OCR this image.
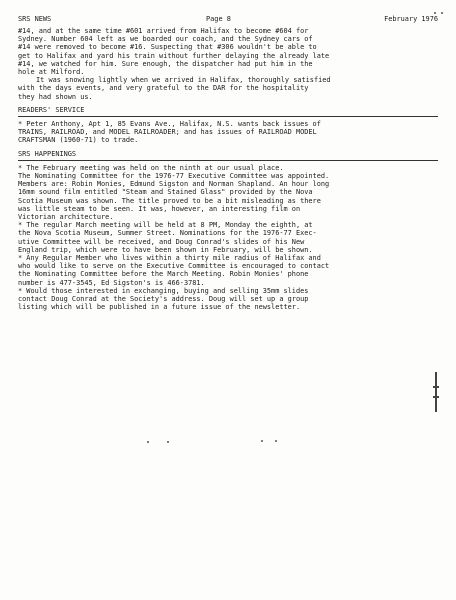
SRS NEWS	Page 8	February 1976

#14, and at the same time #601 arrived from Halifax to become #604 for

Sydney. Number 604 left as we boarded our coach, and the Sydney cars of

#14 were removed to become #16. Suspecting that #306 wouldn't be able to

get to Halifax and yard his train without further delaying the already late

#14, we watched for him. Sure enough, the dispatcher had put him in the

hole at Milford.

It was snowing lightly when we arrived in Halifax, thoroughly satisfied

with the days events, and very grateful to the DAR for the hospitality

they had shown us.

READERS' SERVICE

* Peter Anthony, Apt 1, 85 Evans Ave., Halifax, N.S. wants back issues of

TRAINS, RAILROAD, and MODEL RAILROADER; and has issues of RAILROAD MODEL

CRAFTSMAN (1960-71) to trade.

SRS HAPPENINGS

* The February meeting was held on the ninth at our usual place.

The Nominating Committee for the 1976-77 Executive Committee was appointed.

Members are: Robin Monies, Edmund Sigston and Norman Shapland. An hour long

16mm sound film entitled "Steam and Stained Glass" provided by the Nova

Scotia Museum was shown. The title proved to be a bit misleading as there

was little steam to be seen. It was, however, an interesting film on

Victorian architecture.

* The regular March meeting will be held at 8 PM, Monday the eighth, at

the Nova Scotia Museum, Summer Street. Nominations for the 1976-77 Exec-

utive Committee will be received, and Doug Conrad's slides of his New

England trip, which were to have been shown in February, will be shown.

* Any Regular Member who lives within a thirty mile radius of Halifax and

who would like to serve on the Executive Committee is encouraged to contact

the Nominating Committee before the March Meeting. Robin Monies' phone

number is 477-3545, Ed Sigston's is 466-3781.

* Would those interested in exchanging, buying and selling 35mm slides

contact Doug Conrad at the Society's address. Doug will set up a group

listing which will be published in a future issue of the newsletter.
